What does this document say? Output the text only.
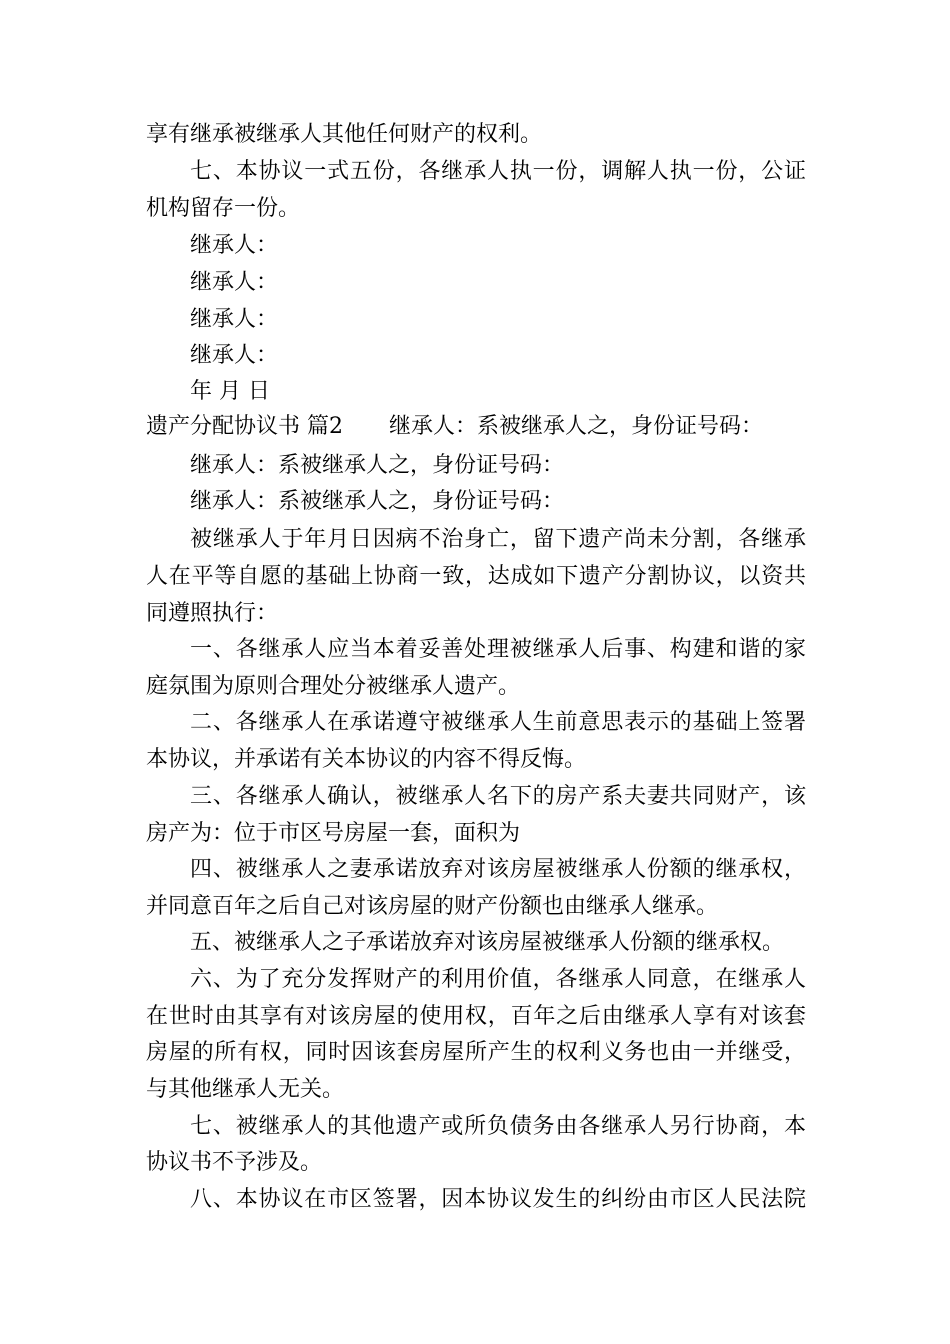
享有继承被继承人其他任何财产的权利。
七、本协议一式五份，各继承人执一份，调解人执一份，公证
机构留存一份。
继承人：
继承人：
继承人：
继承人：
年 月 日
遗产分配协议书 篇2 继承人：系被继承人之，身份证号码：
继承人：系被继承人之，身份证号码：
继承人：系被继承人之，身份证号码：
被继承人于年月日因病不治身亡，留下遗产尚未分割，各继承
人在平等自愿的基础上协商一致，达成如下遗产分割协议，以资共
同遵照执行：
一、各继承人应当本着妥善处理被继承人后事、构建和谐的家
庭氛围为原则合理处分被继承人遗产。
二、各继承人在承诺遵守被继承人生前意思表示的基础上签署
本协议，并承诺有关本协议的内容不得反悔。
三、各继承人确认，被继承人名下的房产系夫妻共同财产，该
房产为：位于市区号房屋一套，面积为
四、被继承人之妻承诺放弃对该房屋被继承人份额的继承权，
并同意百年之后自己对该房屋的财产份额也由继承人继承。
五、被继承人之子承诺放弃对该房屋被继承人份额的继承权。
六、为了充分发挥财产的利用价值，各继承人同意，在继承人
在世时由其享有对该房屋的使用权，百年之后由继承人享有对该套
房屋的所有权，同时因该套房屋所产生的权利义务也由一并继受，
与其他继承人无关。
七、被继承人的其他遗产或所负债务由各继承人另行协商，本
协议书不予涉及。
八、本协议在市区签署，因本协议发生的纠纷由市区人民法院
